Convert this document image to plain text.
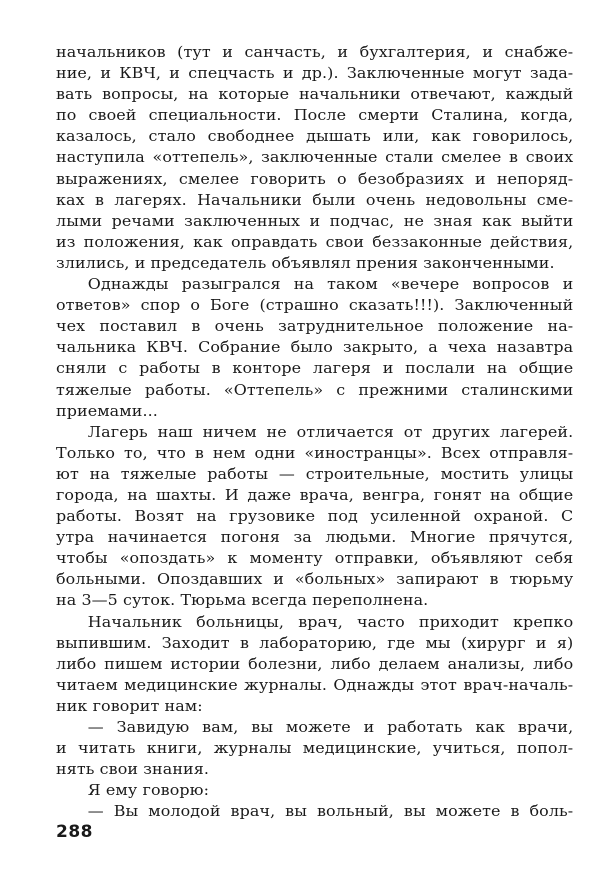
начальников (тут и санчасть, и бухгалтерия, и снабже-
ние, и КВЧ, и спецчасть и др.). Заключенные могут зада-
вать вопросы, на которые начальники отвечают, каждый
по своей специальности. После смерти Сталина, когда,
казалось, стало свободнее дышать или, как говорилось,
наступила «оттепель», заключенные стали смелее в своих
выражениях, смелее говорить о безобразиях и непоряд-
ках в лагерях. Начальники были очень недовольны сме-
лыми речами заключенных и подчас, не зная как выйти
из положения, как оправдать свои беззаконные действия,
злились, и председатель объявлял прения законченными.
Однажды разыгрался на таком «вечере вопросов и
ответов» спор о Боге (страшно сказать!!!). Заключенный
чех поставил в очень затруднительное положение на-
чальника КВЧ. Собрание было закрыто, а чеха назавтра
сняли с работы в конторе лагеря и послали на общие
тяжелые работы. «Оттепель» с прежними сталинскими
приемами...
Лагерь наш ничем не отличается от других лагерей.
Только то, что в нем одни «иностранцы». Всех отправля-
ют на тяжелые работы — строительные, мостить улицы
города, на шахты. И даже врача, венгра, гонят на общие
работы. Возят на грузовике под усиленной охраной. С
утра начинается погоня за людьми. Многие прячутся,
чтобы «опоздать» к моменту отправки, объявляют себя
больными. Опоздавших и «больных» запирают в тюрьму
на 3—5 суток. Тюрьма всегда переполнена.
Начальник больницы, врач, часто приходит крепко
выпившим. Заходит в лабораторию, где мы (хирург и я)
либо пишем истории болезни, либо делаем анализы, либо
читаем медицинские журналы. Однажды этот врач-началь-
ник говорит нам:
— Завидую вам, вы можете и работать как врачи,
и читать книги, журналы медицинские, учиться, попол-
нять свои знания.
Я ему говорю:
— Вы молодой врач, вы вольный, вы можете в боль-
288
